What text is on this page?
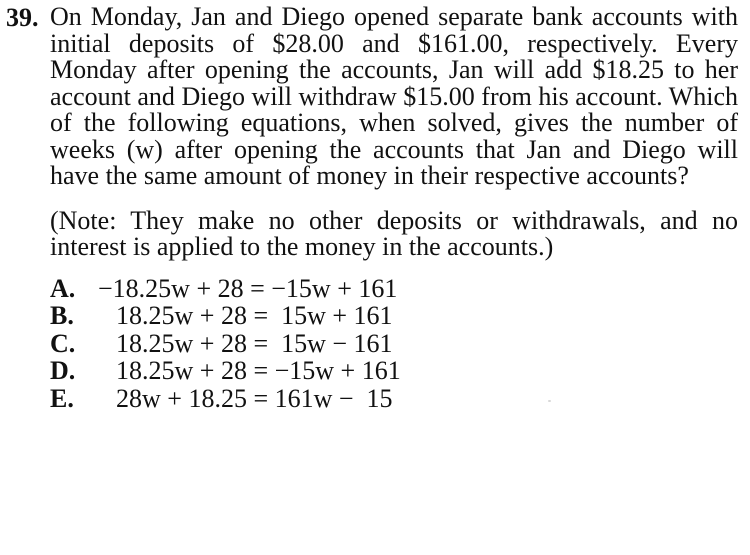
39. On Monday, Jan and Diego opened separate bank accounts with initial deposits of $28.00 and $161.00, respectively. Every Monday after opening the accounts, Jan will add $18.25 to her account and Diego will withdraw $15.00 from his account. Which of the following equations, when solved, gives the number of weeks (w) after opening the accounts that Jan and Diego will have the same amount of money in their respective accounts?
(Note: They make no other deposits or withdrawals, and no interest is applied to the money in the accounts.)
A. −18.25w + 28 = −15w + 161
B.	18.25w + 28 =  15w + 161
C.	18.25w + 28 =  15w − 161
D.	18.25w + 28 = −15w + 161
E.	28w + 18.25 = 161w −  15
